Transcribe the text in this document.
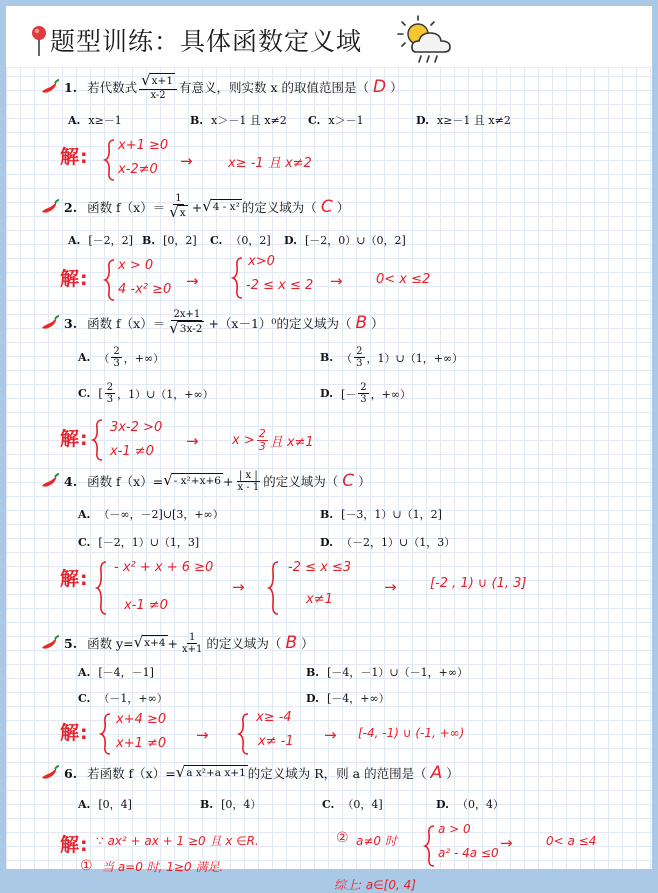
题型训练：具体函数定义域
1. 若代数式 $\frac{√ x+1}{x-2}$ 有意义，则实数 x 的取值范围是（ D ）
A. x≥－1	B. x＞－1 且 x≠2 C. x＞－1	D. x≥－1 且 x≠2
解:
x+1 ≥0
x-2≠0 →	x≥ -1 且 x≠2
2. 函数 $f(x)= \frac{1}{√ x}$ + √ 4 - x² 的定义域为（ C ）
A. [－2，2] B. [0，2] C. （0，2] D. [－2，0）∪（0，2]
解:
x > 0
4 -x² ≥0 →
x>0
-2 ≤ x ≤ 2 →	0< x ≤2
3. 函数 $f(x)= \frac{2x+1}{√ 3x-2} +(x-1)^0$ 的定义域为（ B ）
A. （ $\frac{2}{3}$ ，+∞）	B. （ $\frac{2}{3}$ ，1）∪（1，+∞）
C. [ $\frac{2}{3}$ ，1）∪（1，+∞）	D. [－ $\frac{2}{3}$ ，+∞）
解:
3x-2 >0
x-1 ≠0
→	$x > \frac{2}{3}$ 且 x≠1
4. 函数 f（x）= √ - $x^2+x+6 + \frac{| x |}{x - 1}$ 的定义域为（ C ）
A. （－∞，－2]∪[3，+∞）	B. [－3，1）∪（1，2]
C. [－2，1）∪（1，3]	D. （－2，1）∪（1，3）
解:
- x² + x + 6 ≥0
x-1 ≠0
→
-2 ≤ x ≤3
x≠1
→	[-2 , 1) ∪ (1, 3]
5. 函数 y= √ $x+4 + \frac{1}{x+1}$ 的定义域为（ B ）
A. [－4，－1]	B. [－4，－1）∪（－1，+∞）
C. （－1，+∞）	D. [－4，+∞）
解:
x+4 ≥0
x+1 ≠0 →
x≥ -4
x≠ -1 → [-4, -1) ∪ (-1, +∞)
6. 若函数 f（x）= √ a x²+a x+1 的定义域为 R，则 a 的范围是（ A ）
A. [0，4]	B. [0，4）	C. （0，4]	D. （0，4）
解: ∵ ax² + ax + 1 ≥0 且 x ∈R.
① 当 a=0 时, 1≥0 满足.
② a≠0 时
a > 0
a² - 4a ≤0
→	0< a ≤4
综上: a∈[0, 4]
